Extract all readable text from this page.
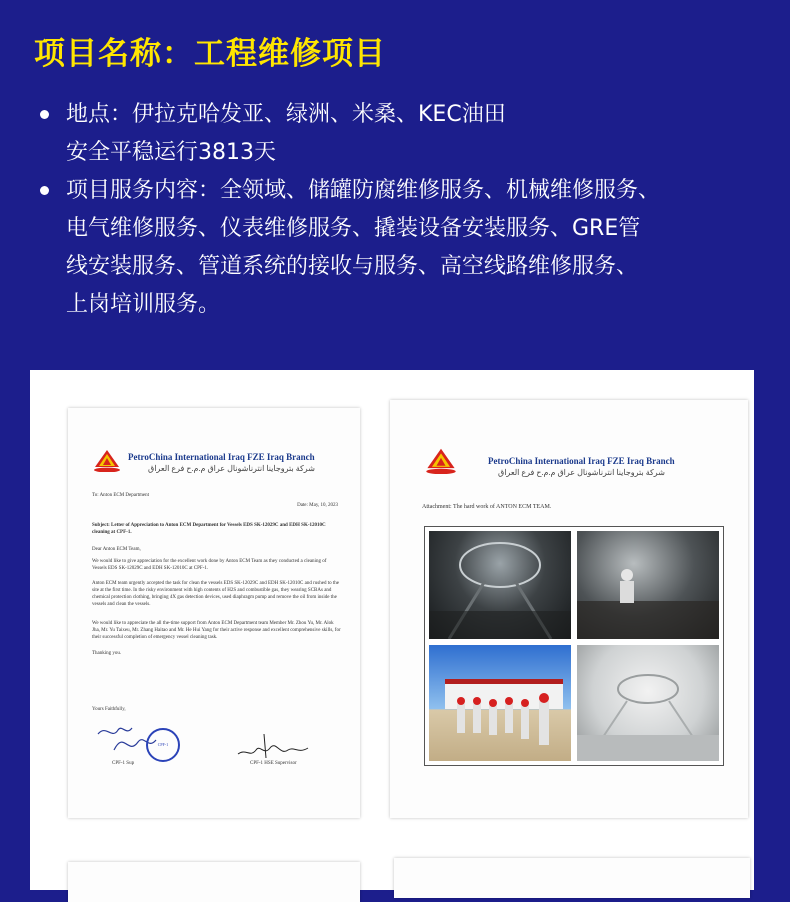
项目名称：工程维修项目
地点：伊拉克哈发亚、绿洲、米桑、KEC油田
安全平稳运行3813天
项目服务内容：全领域、储罐防腐维修服务、机械维修服务、
电气维修服务、仪表维修服务、撬装设备安装服务、GRE管
线安装服务、管道系统的接收与服务、高空线路维修服务、
上岗培训服务。
PetroChina International Iraq FZE Iraq Branch
شركة بتروجاينا انترناشونال عراق م.م.ح فرع العراق
To: Anton ECM Department
Date: May, 10, 2023
Subject: Letter of Appreciation to Anton ECM Department for Vessels EDS SK-12029C and EDH SK-12010C cleaning at CPF-1.
Dear Anton ECM Team,
We would like to give appreciation for the excellent work done by Anton ECM Team as they conducted a cleaning of Vessels EDS SK-12029C and EDH SK-12010C at CPF-1.
Anton ECM team urgently accepted the task for clean the vessels EDS SK-12029C and EDH SK-12010C and rushed to the site at the first time. In the risky environment with high contents of H2S and combustible gas, they wearing SCBAs and chemical protection clothing, bringing 4X gas detection devices, used diaphragm pump and remove the oil from inside the vessels and clean the vessels.
We would like to appreciate the all the-time support from Anton ECM Department team Member Mr. Zhou Yu, Mr. Alok Jha, Mr. Yu Taixeu, Mr. Zhang Haitao and Mr. He Hui Yang for their active response and excellent comprehensive skills, for their successful completion of emergency vessel cleaning task.
Thanking you.
Yours Faithfully,
CPF-1
CPF-1 Sup	CPF-1 HSE Supervisor
PetroChina International Iraq FZE Iraq Branch
شركة بتروجاينا انترناشونال عراق م.م.ح فرع العراق
Attachment: The hard work of ANTON ECM TEAM.
